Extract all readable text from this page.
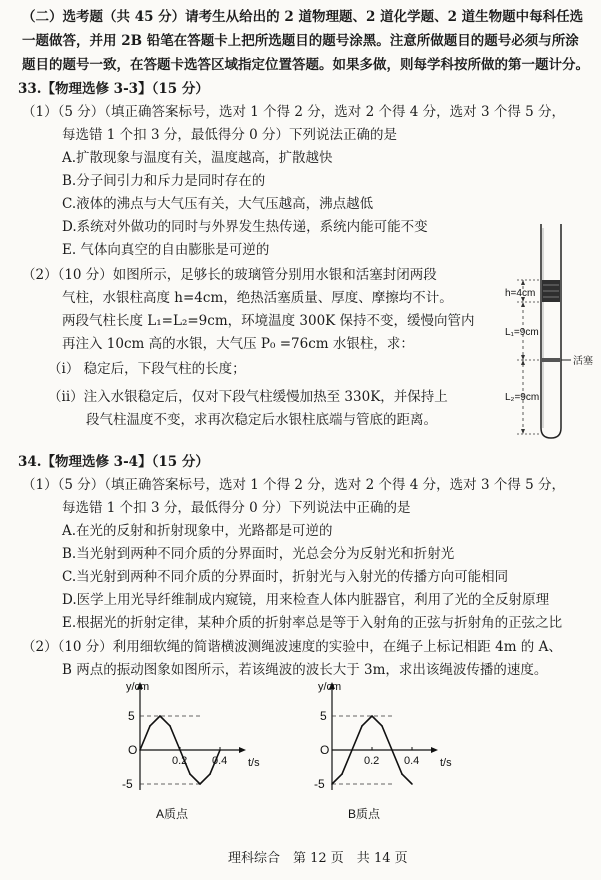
（二）选考题（共 45 分）请考生从给出的 2 道物理题、2 道化学题、2 道生物题中每科任选
一题做答，并用 2B 铅笔在答题卡上把所选题目的题号涂黑。注意所做题目的题号必须与所涂
题目的题号一致，在答题卡选答区域指定位置答题。如果多做，则每学科按所做的第一题计分。
33.【物理选修 3-3】（15 分）
（1）（5 分）（填正确答案标号，选对 1 个得 2 分，选对 2 个得 4 分，选对 3 个得 5 分，
每选错 1 个扣 3 分，最低得分 0 分）下列说法正确的是
A.扩散现象与温度有关，温度越高，扩散越快
B.分子间引力和斥力是同时存在的
C.液体的沸点与大气压有关，大气压越高，沸点越低
D.系统对外做功的同时与外界发生热传递，系统内能可能不变
E. 气体向真空的自由膨胀是可逆的
（2）（10 分）如图所示，足够长的玻璃管分别用水银和活塞封闭两段
气柱，水银柱高度 h=4cm，绝热活塞质量、厚度、摩擦均不计。
两段气柱长度 L₁=L₂=9cm，环境温度 300K 保持不变，缓慢向管内
再注入 10cm 高的水银，大气压 P₀ =76cm 水银柱，求：
（i） 稳定后，下段气柱的长度；
（ii）注入水银稳定后，仅对下段气柱缓慢加热至 330K，并保持上
段气柱温度不变，求再次稳定后水银柱底端与管底的距离。
活塞
h=4cm
L₁=9cm
L₂=9cm
34.【物理选修 3-4】（15 分）
（1）（5 分）（填正确答案标号，选对 1 个得 2 分，选对 2 个得 4 分，选对 3 个得 5 分，
每选错 1 个扣 3 分，最低得分 0 分）下列说法中正确的是
A.在光的反射和折射现象中，光路都是可逆的
B.当光射到两种不同介质的分界面时，光总会分为反射光和折射光
C.当光射到两种不同介质的分界面时，折射光与入射光的传播方向可能相同
D.医学上用光导纤维制成内窥镜，用来检查人体内脏器官，利用了光的全反射原理
E.根据光的折射定律，某种介质的折射率总是等于入射角的正弦与折射角的正弦之比
（2）（10 分）利用细软绳的简谐横波测绳波速度的实验中，在绳子上标记相距 4m 的 A、
B 两点的振动图象如图所示，若该绳波的波长大于 3m，求出该绳波传播的速度。
0.2 0.4
5
O
-5
y/cm
t/s
A质点
0.2 0.4
5
O
-5
y/cm
t/s
B质点
理科综合　第 12 页　共 14 页
